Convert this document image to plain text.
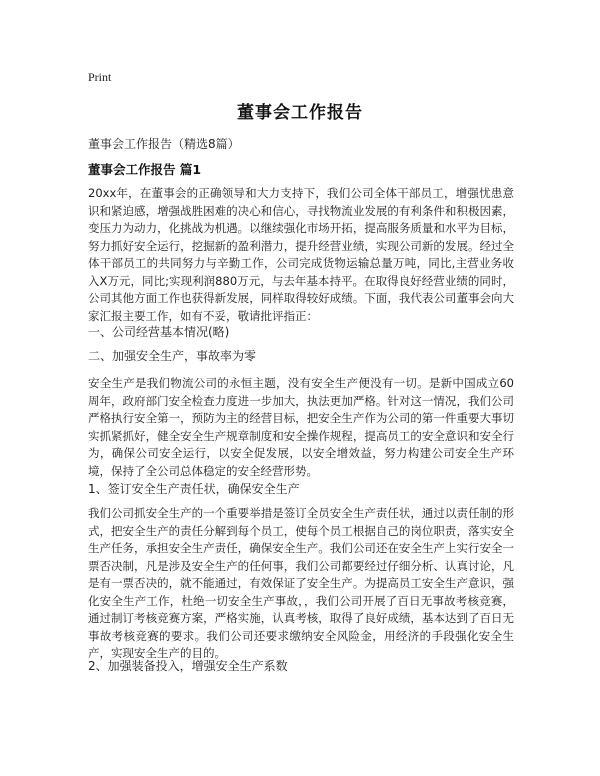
Print
董事会工作报告
董事会工作报告（精选8篇）
董事会工作报告 篇1

20xx年，在董事会的正确领导和大力支持下，我们公司全体干部员工，增强忧患意识和紧迫感，增强战胜困难的决心和信心，寻找物流业发展的有利条件和积极因素，变压力为动力，化挑战为机遇。以继续强化市场开拓，提高服务质量和水平为目标，努力抓好安全运行，挖掘新的盈利潜力，提升经营业绩，实现公司新的发展。经过全体干部员工的共同努力与辛勤工作，公司完成货物运输总量万吨，同比,主营业务收入X万元，同比;实现利润880万元，与去年基本持平。在取得良好经营业绩的同时，公司其他方面工作也获得新发展，同样取得较好成绩。下面，我代表公司董事会向大家汇报主要工作，如有不妥，敬请批评指正：

一、公司经营基本情况(略)
二、加强安全生产，事故率为零

安全生产是我们物流公司的永恒主题，没有安全生产便没有一切。是新中国成立60周年，政府部门安全检查力度进一步加大，执法更加严格。针对这一情况，我们公司严格执行安全第一，预防为主的经营目标，把安全生产作为公司的第一件重要大事切实抓紧抓好，健全安全生产规章制度和安全操作规程，提高员工的安全意识和安全行为，确保公司安全运行，以安全促发展，以安全增效益，努力构建公司安全生产环境，保持了全公司总体稳定的安全经营形势。

1、签订安全生产责任状，确保安全生产

我们公司抓安全生产的一个重要举措是签订全员安全生产责任状，通过以责任制的形式，把安全生产的责任分解到每个员工，使每个员工根据自己的岗位职责，落实安全生产任务，承担安全生产责任，确保安全生产。我们公司还在安全生产上实行安全一票否决制，凡是涉及安全生产的任何事，我们公司都要经过仔细分析、认真讨论，凡是有一票否决的，就不能通过，有效保证了安全生产。为提高员工安全生产意识，强化安全生产工作，杜绝一切安全生产事故，，我们公司开展了百日无事故考核竞赛，通过制订考核竞赛方案，严格实施，认真考核，取得了良好成绩，基本达到了百日无事故考核竞赛的要求。我们公司还要求缴纳安全风险金，用经济的手段强化安全生产，实现安全生产的目的。

2、加强装备投入，增强安全生产系数
